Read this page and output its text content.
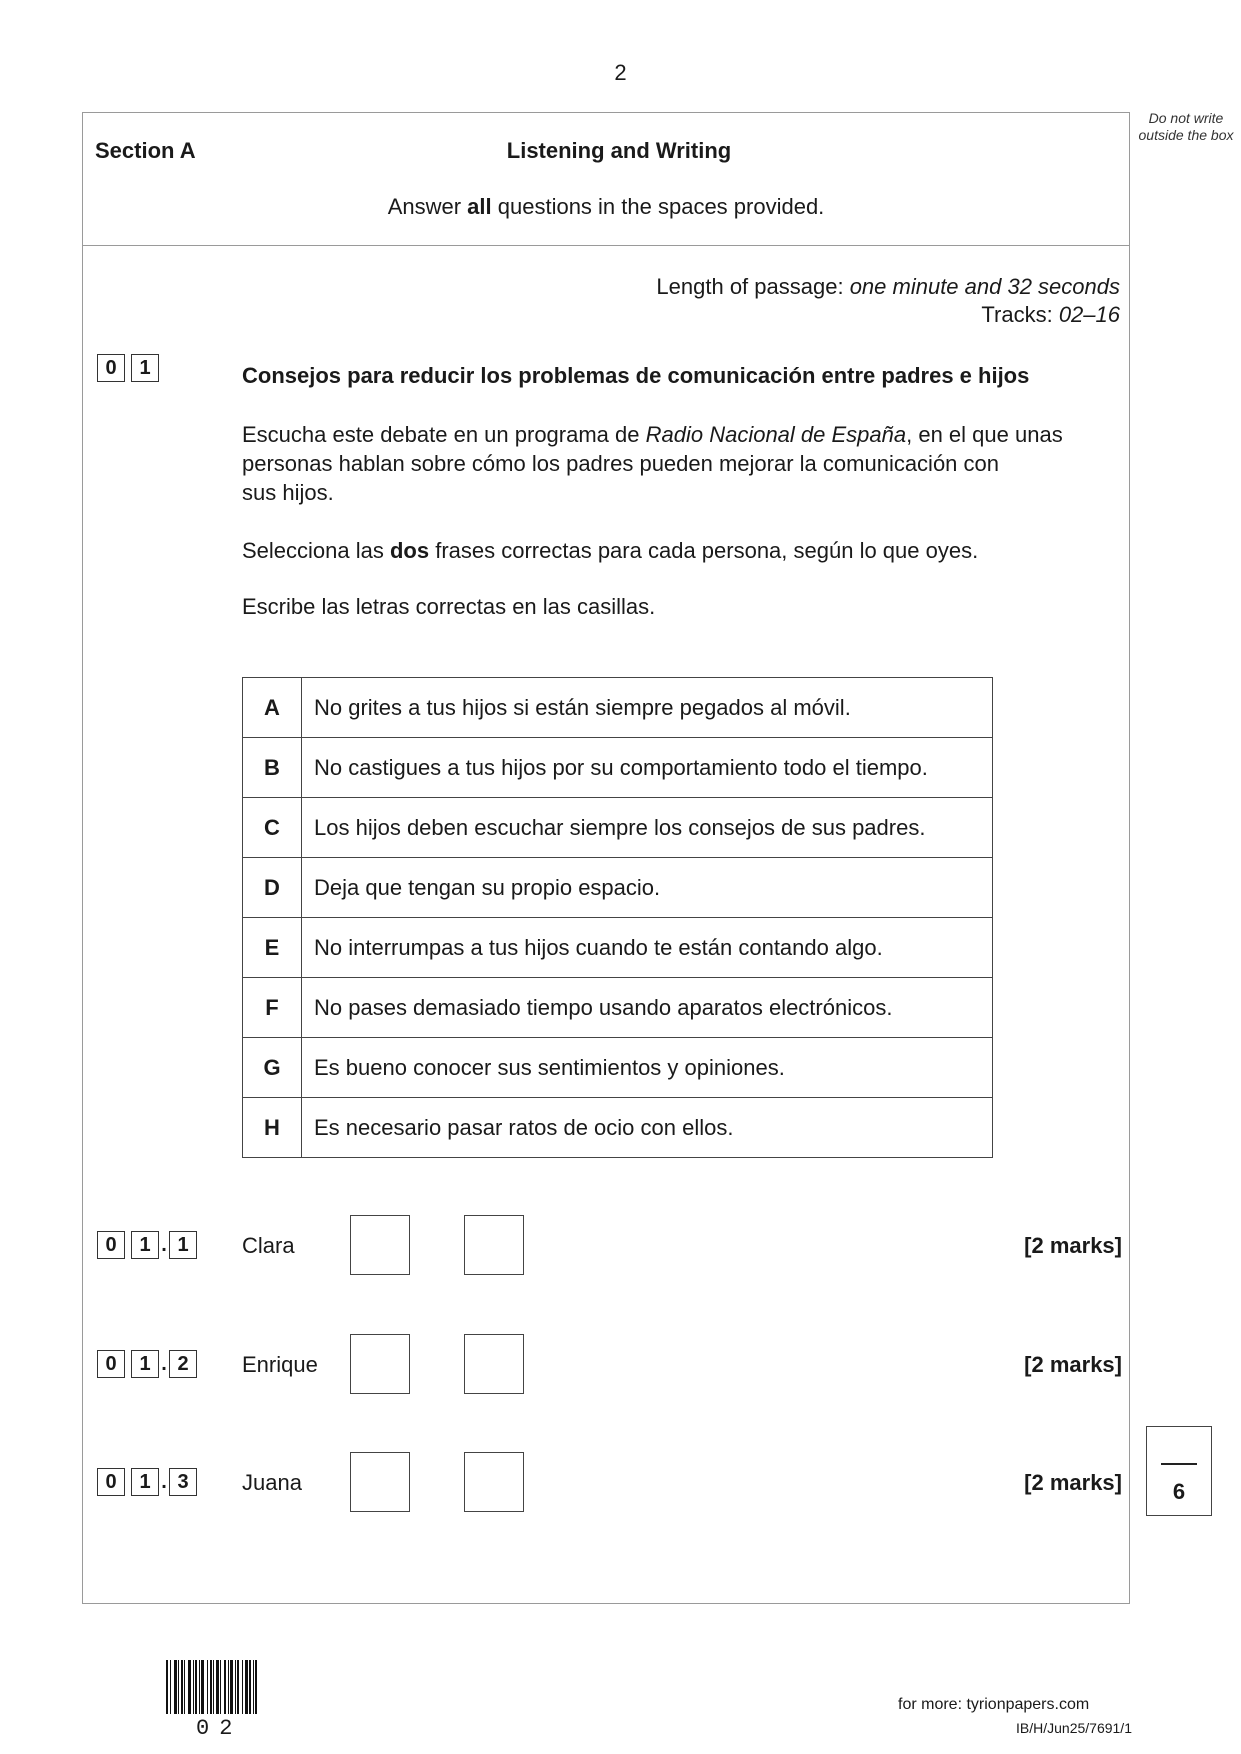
2
Do not write outside the box
Section A	Listening and Writing
Answer all questions in the spaces provided.
Length of passage: one minute and 32 seconds
Tracks: 02–16
0	1	Consejos para reducir los problemas de comunicación entre padres e hijos
Escucha este debate en un programa de Radio Nacional de España, en el que unas
personas hablan sobre cómo los padres pueden mejorar la comunicación con
sus hijos.
Selecciona las dos frases correctas para cada persona, según lo que oyes.
Escribe las letras correctas en las casillas.
A	No grites a tus hijos si están siempre pegados al móvil.
B	No castigues a tus hijos por su comportamiento todo el tiempo.
C	Los hijos deben escuchar siempre los consejos de sus padres.
D	Deja que tengan su propio espacio.
E	No interrumpas a tus hijos cuando te están contando algo.
F	No pases demasiado tiempo usando aparatos electrónicos.
G	Es bueno conocer sus sentimientos y opiniones.
H	Es necesario pasar ratos de ocio con ellos.
0	1 . 1	Clara	[2 marks]
0	1 . 2	Enrique	[2 marks]
0	1 . 3	Juana	[2 marks]	6
02
for more: tyrionpapers.com
IB/H/Jun25/7691/1
